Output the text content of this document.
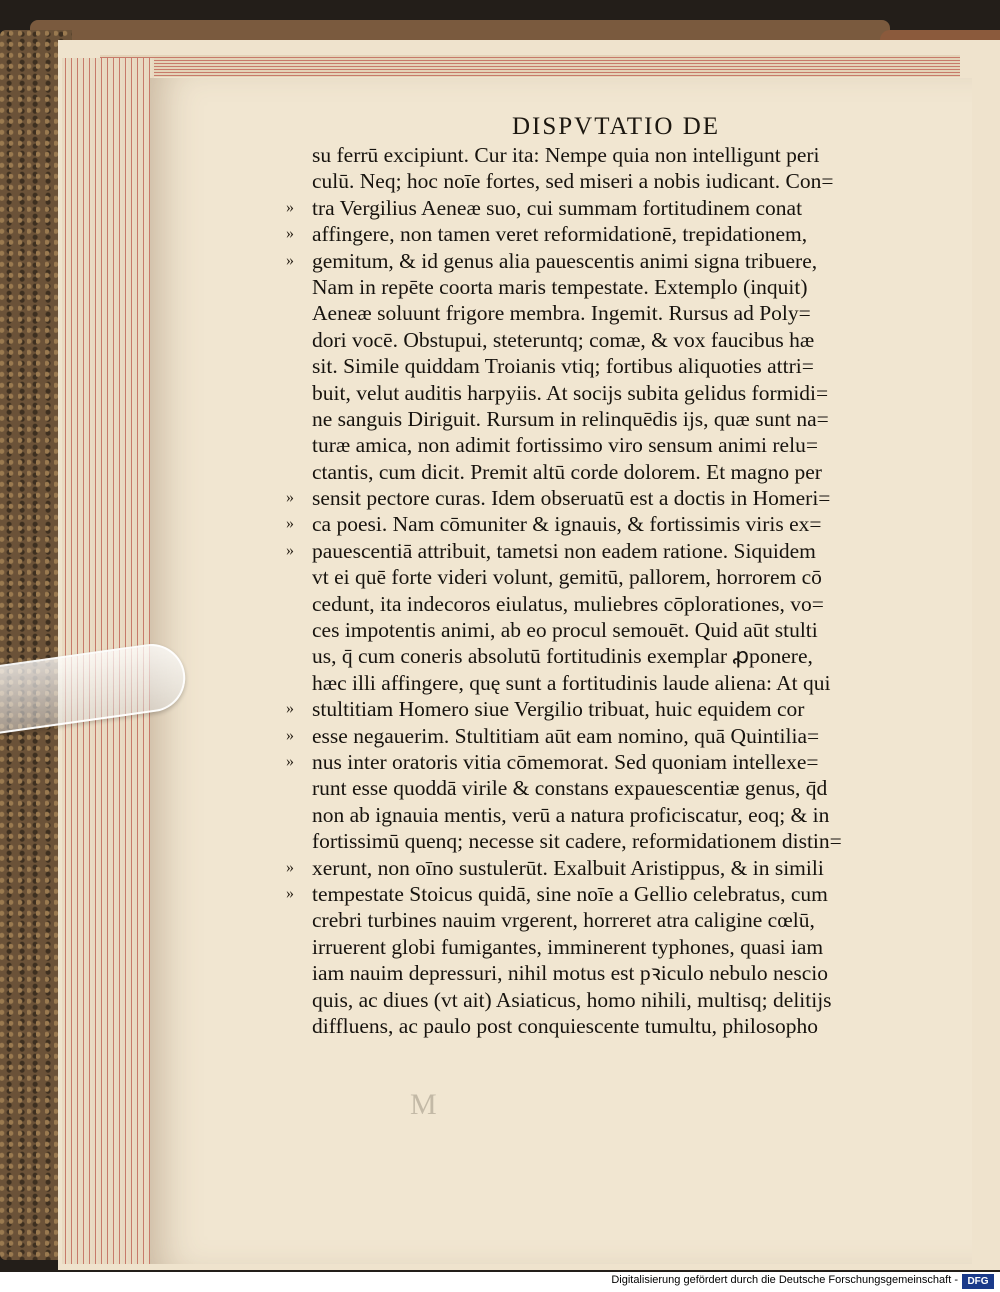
DISPVTATIO DE
su ferrū excipiunt. Cur ita: Nempe quia non intelligunt peri
culū. Neq; hoc noīe fortes, sed miseri a nobis iudicant. Con=
» tra Vergilius Aeneæ suo, cui summam fortitudinem conat
» affingere, non tamen veret reformidationē, trepidationem,
» gemitum, & id genus alia pauescentis animi signa tribuere,
Nam in repēte coorta maris tempestate. Extemplo (inquit)
Aeneæ soluunt frigore membra. Ingemit. Rursus ad Poly=
dori vocē. Obstupui, steteruntq; comæ, & vox faucibus hæ
sit. Simile quiddam Troianis vtiq; fortibus aliquoties attri=
buit, velut auditis harpyiis. At socijs subita gelidus formidi=
ne sanguis Diriguit. Rursum in relinquēdis ijs, quæ sunt na=
turæ amica, non adimit fortissimo viro sensum animi relu=
ctantis, cum dicit. Premit altū corde dolorem. Et magno per
» sensit pectore curas. Idem obseruatū est a doctis in Homeri=
» ca poesi. Nam cōmuniter & ignauis, & fortissimis viris ex=
» pauescentiā attribuit, tametsi non eadem ratione. Siquidem
vt ei quē forte videri volunt, gemitū, pallorem, horrorem cō
cedunt, ita indecoros eiulatus, muliebres cōplorationes, vo=
ces impotentis animi, ab eo procul semouēt. Quid aūt stulti
us, q̄ cum coneris absolutū fortitudinis exemplar ꝓponere,
hæc illi affingere, quę sunt a fortitudinis laude aliena: At qui
» stultitiam Homero siue Vergilio tribuat, huic equidem cor
» esse negauerim. Stultitiam aūt eam nomino, quā Quintilia=
» nus inter oratoris vitia cōmemorat. Sed quoniam intellexe=
runt esse quoddā virile & constans expauescentiæ genus, q̄d
non ab ignauia mentis, verū a natura proficiscatur, eoq; & in
fortissimū quenq; necesse sit cadere, reformidationem distin=
» xerunt, non oīno sustulerūt. Exalbuit Aristippus, & in simili
» tempestate Stoicus quidā, sine noīe a Gellio celebratus, cum
crebri turbines nauim vrgerent, horreret atra caligine cœlū,
irruerent globi fumigantes, imminerent typhones, quasi iam
iam nauim depressuri, nihil motus est pꝛiculo nebulo nescio
quis, ac diues (vt ait) Asiaticus, homo nihili, multisq; delitijs
diffluens, ac paulo post conquiescente tumultu, philosopho
M
Digitalisierung gefördert durch die Deutsche Forschungsgemeinschaft - DFG
